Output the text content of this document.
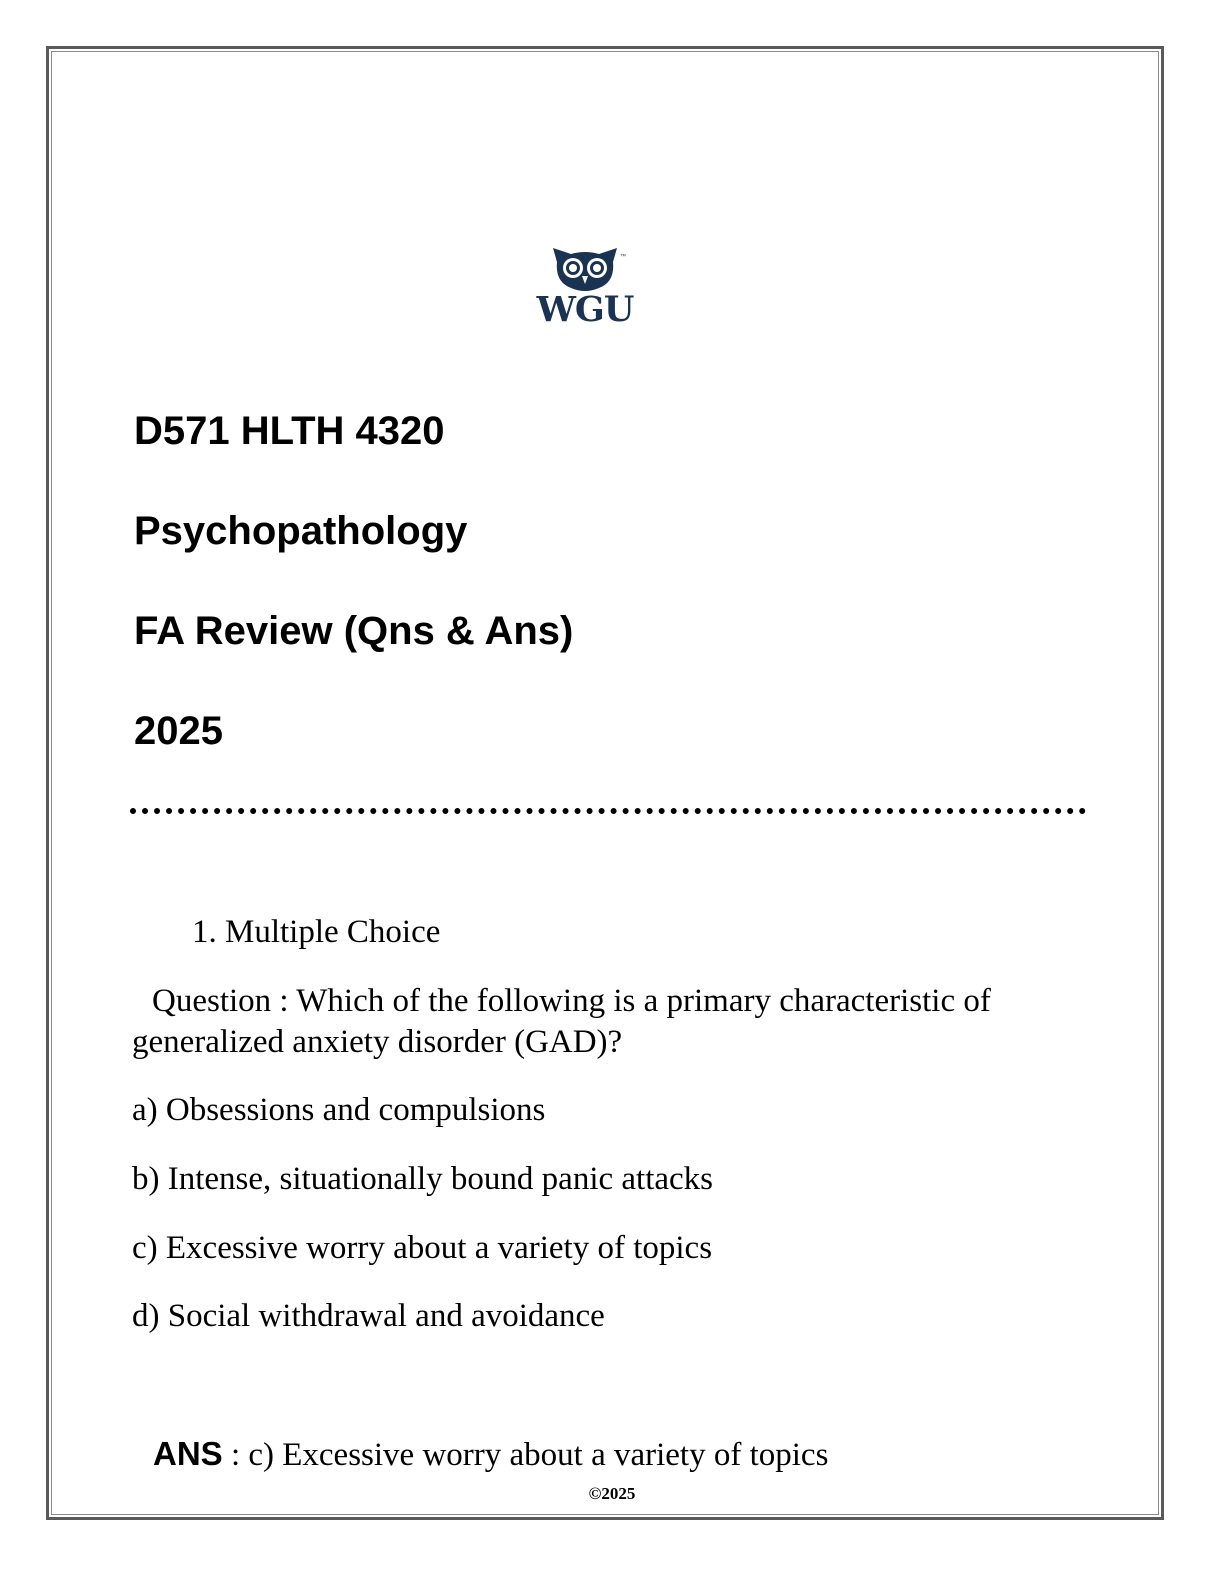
™
WGU
D571 HLTH 4320
Psychopathology
FA Review (Qns & Ans)
2025
1. Multiple Choice
Question : Which of the following is a primary characteristic of generalized anxiety disorder (GAD)?
a) Obsessions and compulsions
b) Intense, situationally bound panic attacks
c) Excessive worry about a variety of topics
d) Social withdrawal and avoidance
ANS : c) Excessive worry about a variety of topics
©2025
